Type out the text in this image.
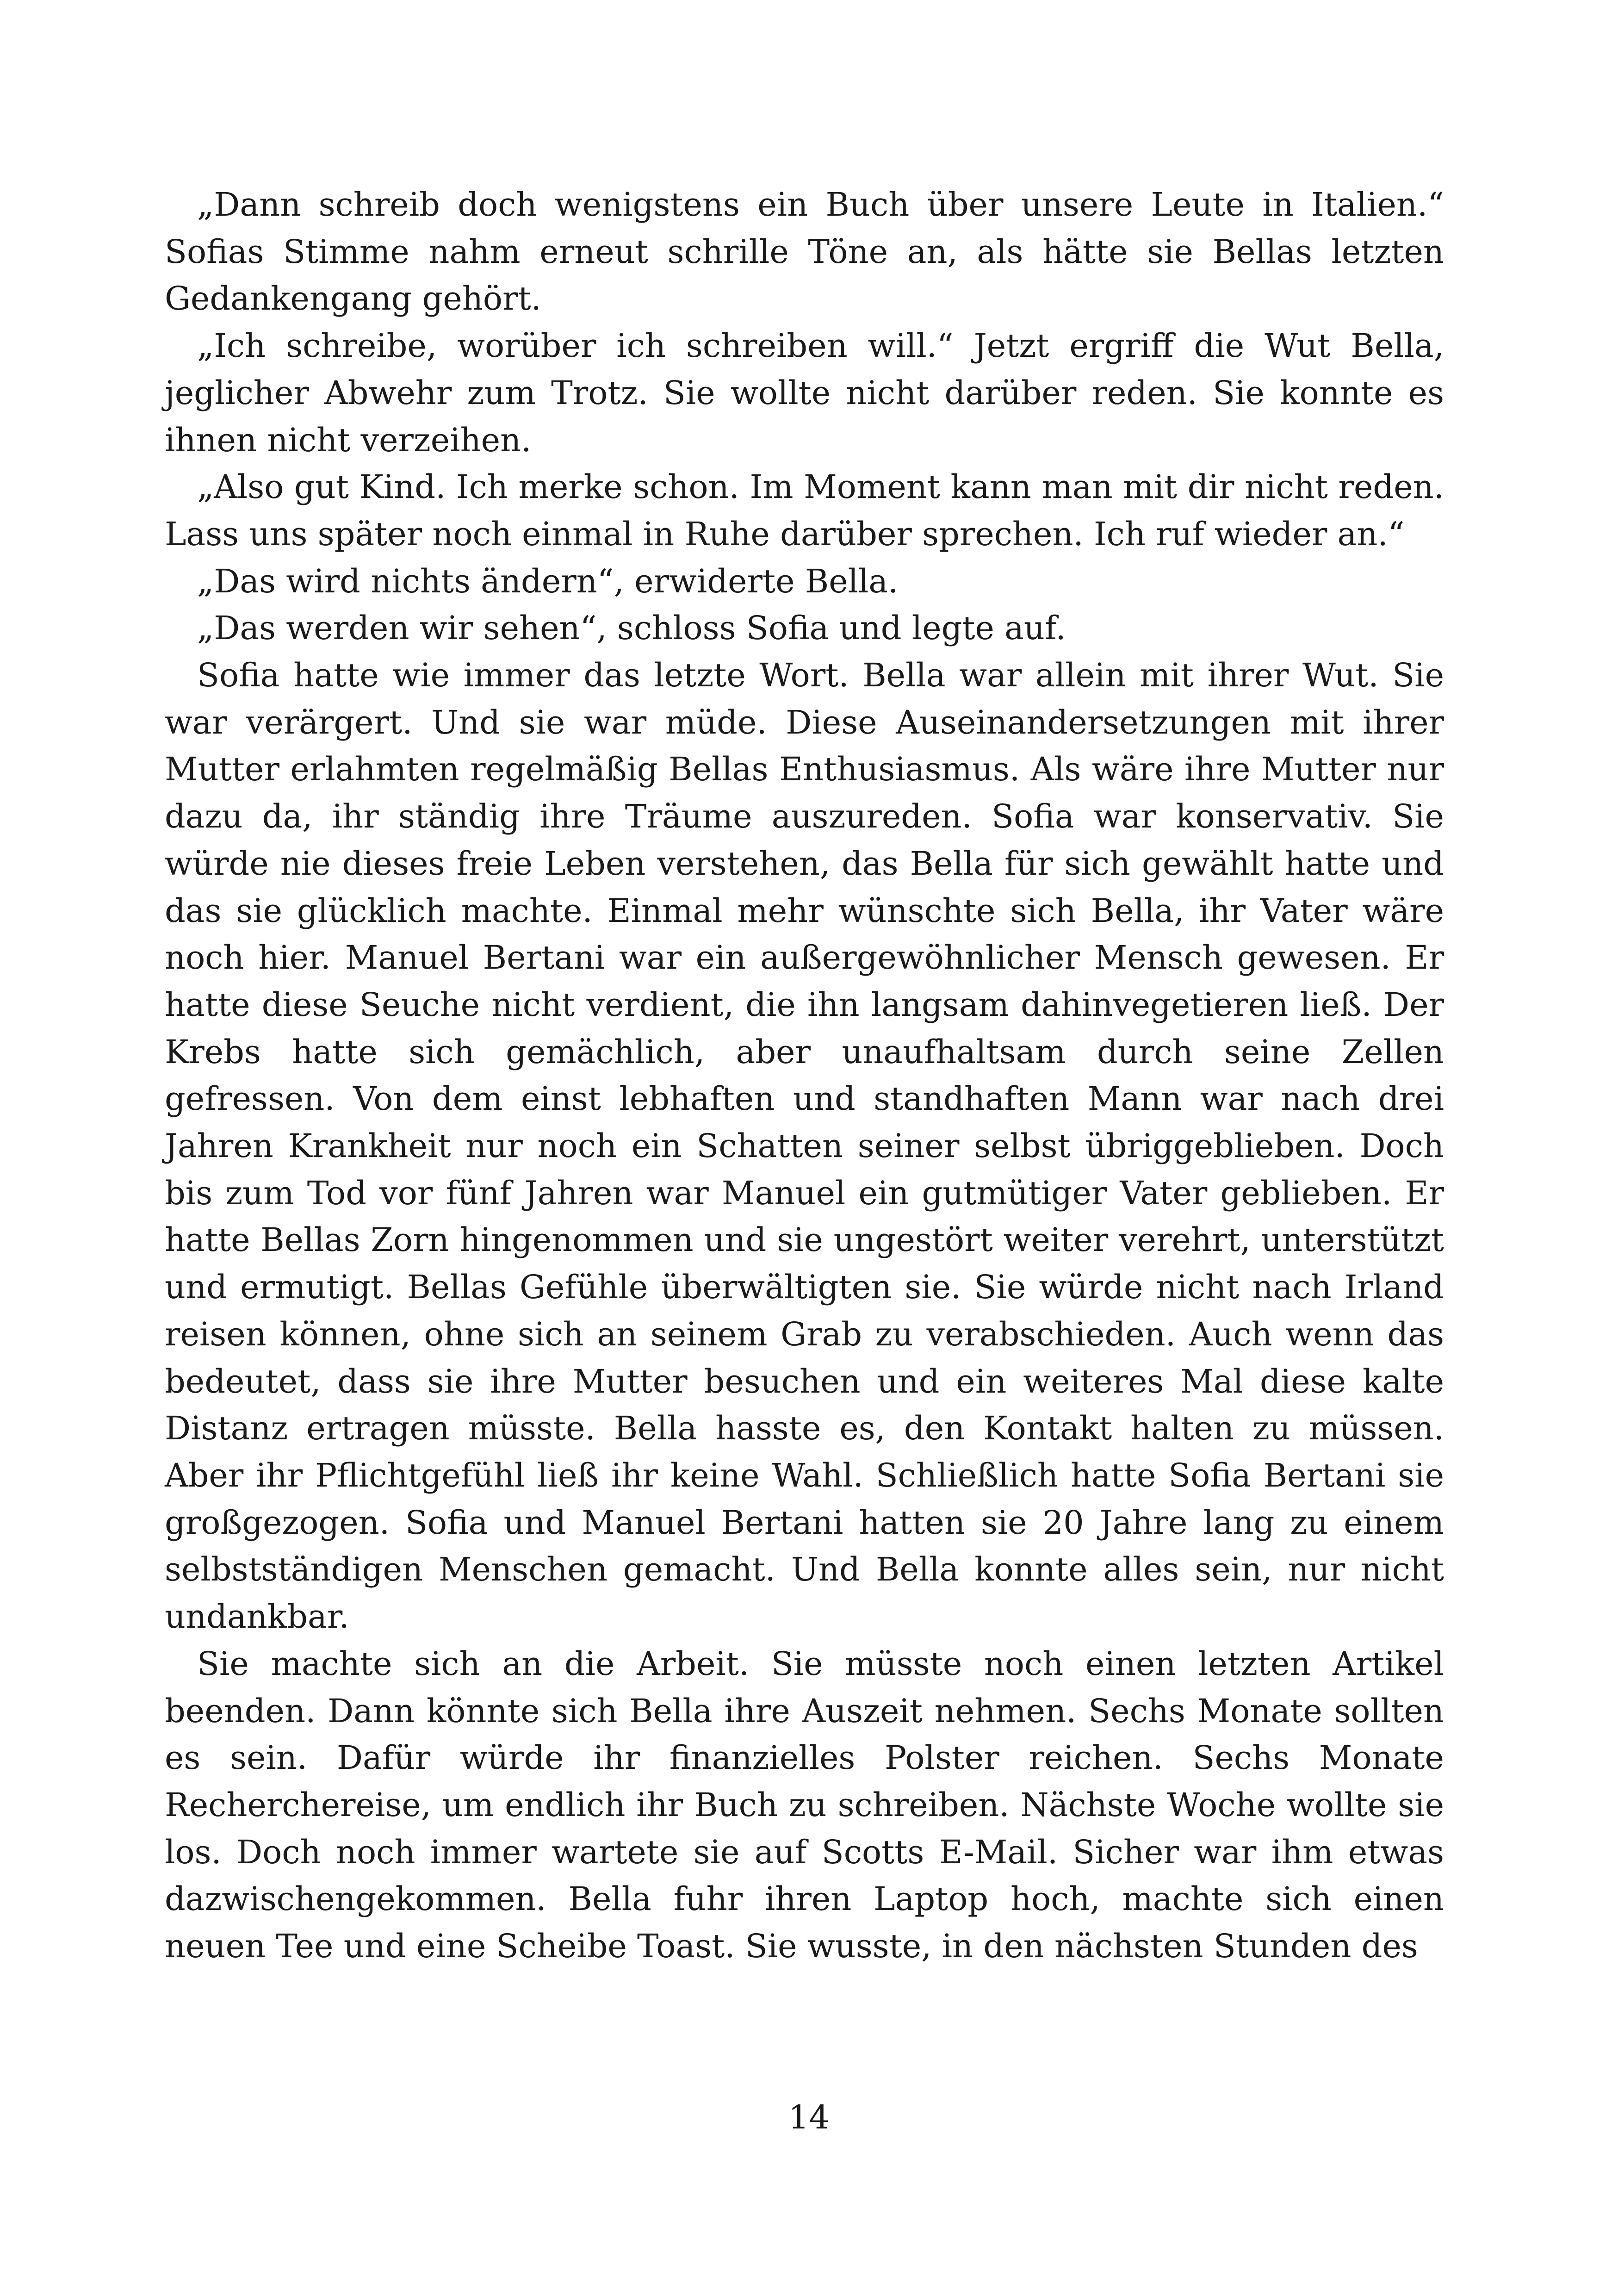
„Dann schreib doch wenigstens ein Buch über unsere Leute in Italien.“ Sofias Stimme nahm erneut schrille Töne an, als hätte sie Bellas letzten Gedankengang gehört.

„Ich schreibe, worüber ich schreiben will.“ Jetzt ergriff die Wut Bella, jeglicher Abwehr zum Trotz. Sie wollte nicht darüber reden. Sie konnte es ihnen nicht verzeihen.

„Also gut Kind. Ich merke schon. Im Moment kann man mit dir nicht reden. Lass uns später noch einmal in Ruhe darüber sprechen. Ich ruf wieder an.“

„Das wird nichts ändern“, erwiderte Bella.

„Das werden wir sehen“, schloss Sofia und legte auf.

Sofia hatte wie immer das letzte Wort. Bella war allein mit ihrer Wut. Sie war verärgert. Und sie war müde. Diese Auseinandersetzungen mit ihrer Mutter erlahmten regelmäßig Bellas Enthusiasmus. Als wäre ihre Mutter nur dazu da, ihr ständig ihre Träume auszureden. Sofia war konservativ. Sie würde nie dieses freie Leben verstehen, das Bella für sich gewählt hatte und das sie glücklich machte. Einmal mehr wünschte sich Bella, ihr Vater wäre noch hier. Manuel Bertani war ein außergewöhnlicher Mensch gewesen. Er hatte diese Seuche nicht verdient, die ihn langsam dahinvegetieren ließ. Der Krebs hatte sich gemächlich, aber unaufhaltsam durch seine Zellen gefressen. Von dem einst lebhaften und standhaften Mann war nach drei Jahren Krankheit nur noch ein Schatten seiner selbst übriggeblieben. Doch bis zum Tod vor fünf Jahren war Manuel ein gutmütiger Vater geblieben. Er hatte Bellas Zorn hingenommen und sie ungestört weiter verehrt, unterstützt und ermutigt. Bellas Gefühle überwältigten sie. Sie würde nicht nach Irland reisen können, ohne sich an seinem Grab zu verabschieden. Auch wenn das bedeutet, dass sie ihre Mutter besuchen und ein weiteres Mal diese kalte Distanz ertragen müsste. Bella hasste es, den Kontakt halten zu müssen. Aber ihr Pflichtgefühl ließ ihr keine Wahl. Schließlich hatte Sofia Bertani sie großgezogen. Sofia und Manuel Bertani hatten sie 20 Jahre lang zu einem selbstständigen Menschen gemacht. Und Bella konnte alles sein, nur nicht undankbar.

Sie machte sich an die Arbeit. Sie müsste noch einen letzten Artikel beenden. Dann könnte sich Bella ihre Auszeit nehmen. Sechs Monate sollten es sein. Dafür würde ihr finanzielles Polster reichen. Sechs Monate Recherchereise, um endlich ihr Buch zu schreiben. Nächste Woche wollte sie los. Doch noch immer wartete sie auf Scotts E-Mail. Sicher war ihm etwas dazwischengekommen. Bella fuhr ihren Laptop hoch, machte sich einen neuen Tee und eine Scheibe Toast. Sie wusste, in den nächsten Stunden des

14
